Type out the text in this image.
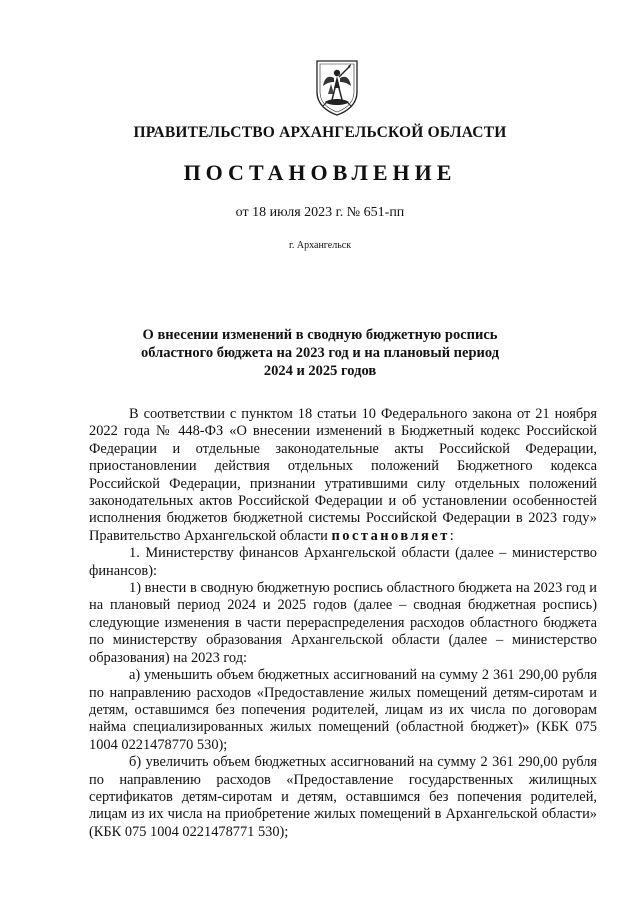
ПРАВИТЕЛЬСТВО АРХАНГЕЛЬСКОЙ ОБЛАСТИ
ПОСТАНОВЛЕНИЕ
от 18 июля 2023 г. № 651-пп
г. Архангельск
О внесении изменений в сводную бюджетную роспись
областного бюджета на 2023 год и на плановый период
2024 и 2025 годов

В соответствии с пунктом 18 статьи 10 Федерального закона от 21 ноября 2022 года № 448-ФЗ «О внесении изменений в Бюджетный кодекс Российской Федерации и отдельные законодательные акты Российской Федерации, приостановлении действия отдельных положений Бюджетного кодекса Российской Федерации, признании утратившими силу отдельных положений законодательных актов Российской Федерации и об установлении особенностей исполнения бюджетов бюджетной системы Российской Федерации в 2023 году» Правительство Архангельской области постановляет:

1. Министерству финансов Архангельской области (далее – министерство финансов):

1) внести в сводную бюджетную роспись областного бюджета на 2023 год и на плановый период 2024 и 2025 годов (далее – сводная бюджетная роспись) следующие изменения в части перераспределения расходов областного бюджета по министерству образования Архангельской области (далее – министерство образования) на 2023 год:

а) уменьшить объем бюджетных ассигнований на сумму 2 361 290,00 рубля по направлению расходов «Предоставление жилых помещений детям-сиротам и детям, оставшимся без попечения родителей, лицам из их числа по договорам найма специализированных жилых помещений (областной бюджет)» (КБК 075 1004 0221478770 530);

б) увеличить объем бюджетных ассигнований на сумму 2 361 290,00 рубля по направлению расходов «Предоставление государственных жилищных сертификатов детям-сиротам и детям, оставшимся без попечения родителей, лицам из их числа на приобретение жилых помещений в Архангельской области» (КБК 075 1004 0221478771 530);
